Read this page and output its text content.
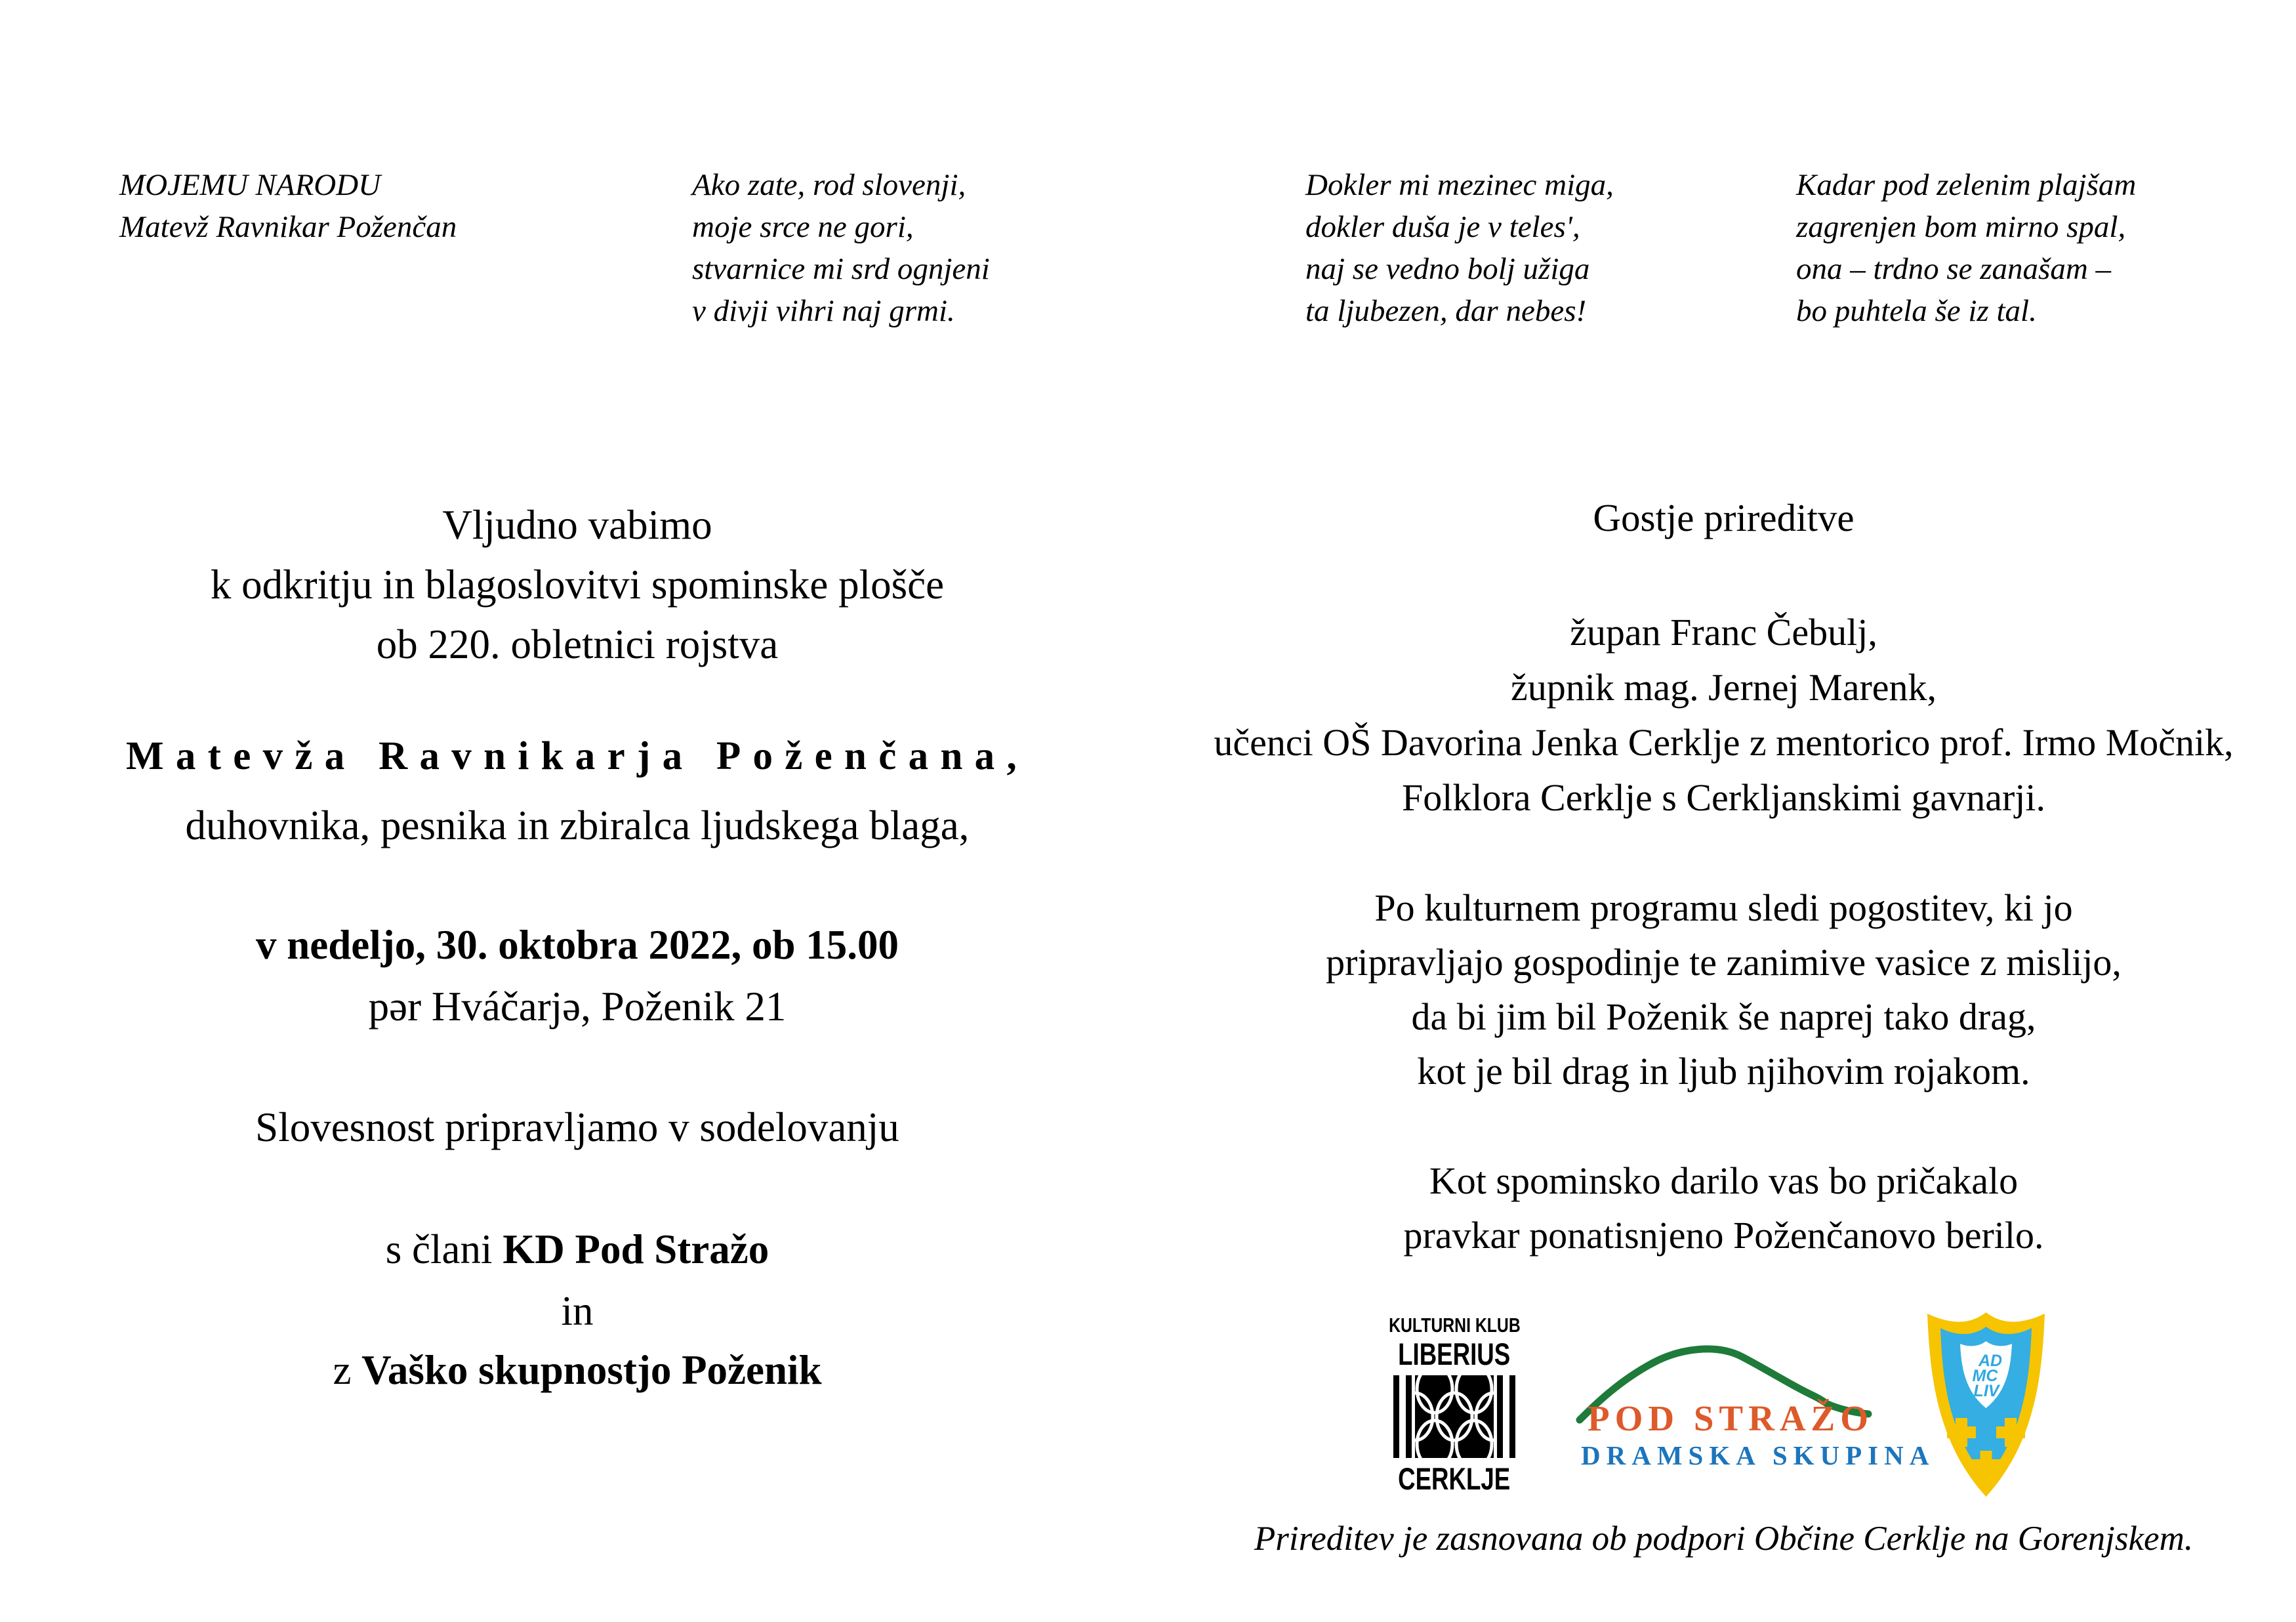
MOJEMU NARODU
Matevž Ravnikar Poženčan
Ako zate, rod slovenji,
moje srce ne gori,
stvarnice mi srd ognjeni
v divji vihri naj grmi.
Dokler mi mezinec miga,
dokler duša je v teles',
naj se vedno bolj užiga
ta ljubezen, dar nebes!
Kadar pod zelenim plajšam
zagrenjen bom mirno spal,
ona – trdno se zanašam –
bo puhtela še iz tal.
Vljudno vabimo
k odkritju in blagoslovitvi spominske plošče
ob 220. obletnici rojstva
Matevža Ravnikarja Poženčana,
duhovnika, pesnika in zbiralca ljudskega blaga,
v nedeljo, 30. oktobra 2022, ob 15.00
pər Hváčarjə, Poženik 21
Slovesnost pripravljamo v sodelovanju
s člani KD Pod Stražo
in
z Vaško skupnostjo Poženik
Gostje prireditve
župan Franc Čebulj,
župnik mag. Jernej Marenk,
učenci OŠ Davorina Jenka Cerklje z mentorico prof. Irmo Močnik,
Folklora Cerklje s Cerkljanskimi gavnarji.
Po kulturnem programu sledi pogostitev, ki jo
pripravljajo gospodinje te zanimive vasice z mislijo,
da bi jim bil Poženik še naprej tako drag,
kot je bil drag in ljub njihovim rojakom.
Kot spominsko darilo vas bo pričakalo
pravkar ponatisnjeno Poženčanovo berilo.
KULTURNI KLUB
LIBERIUS
CERKLJE
POD STRAŽO
DRAMSKA SKUPINA
AD
MC
LIV
Prireditev je zasnovana ob podpori Občine Cerklje na Gorenjskem.
